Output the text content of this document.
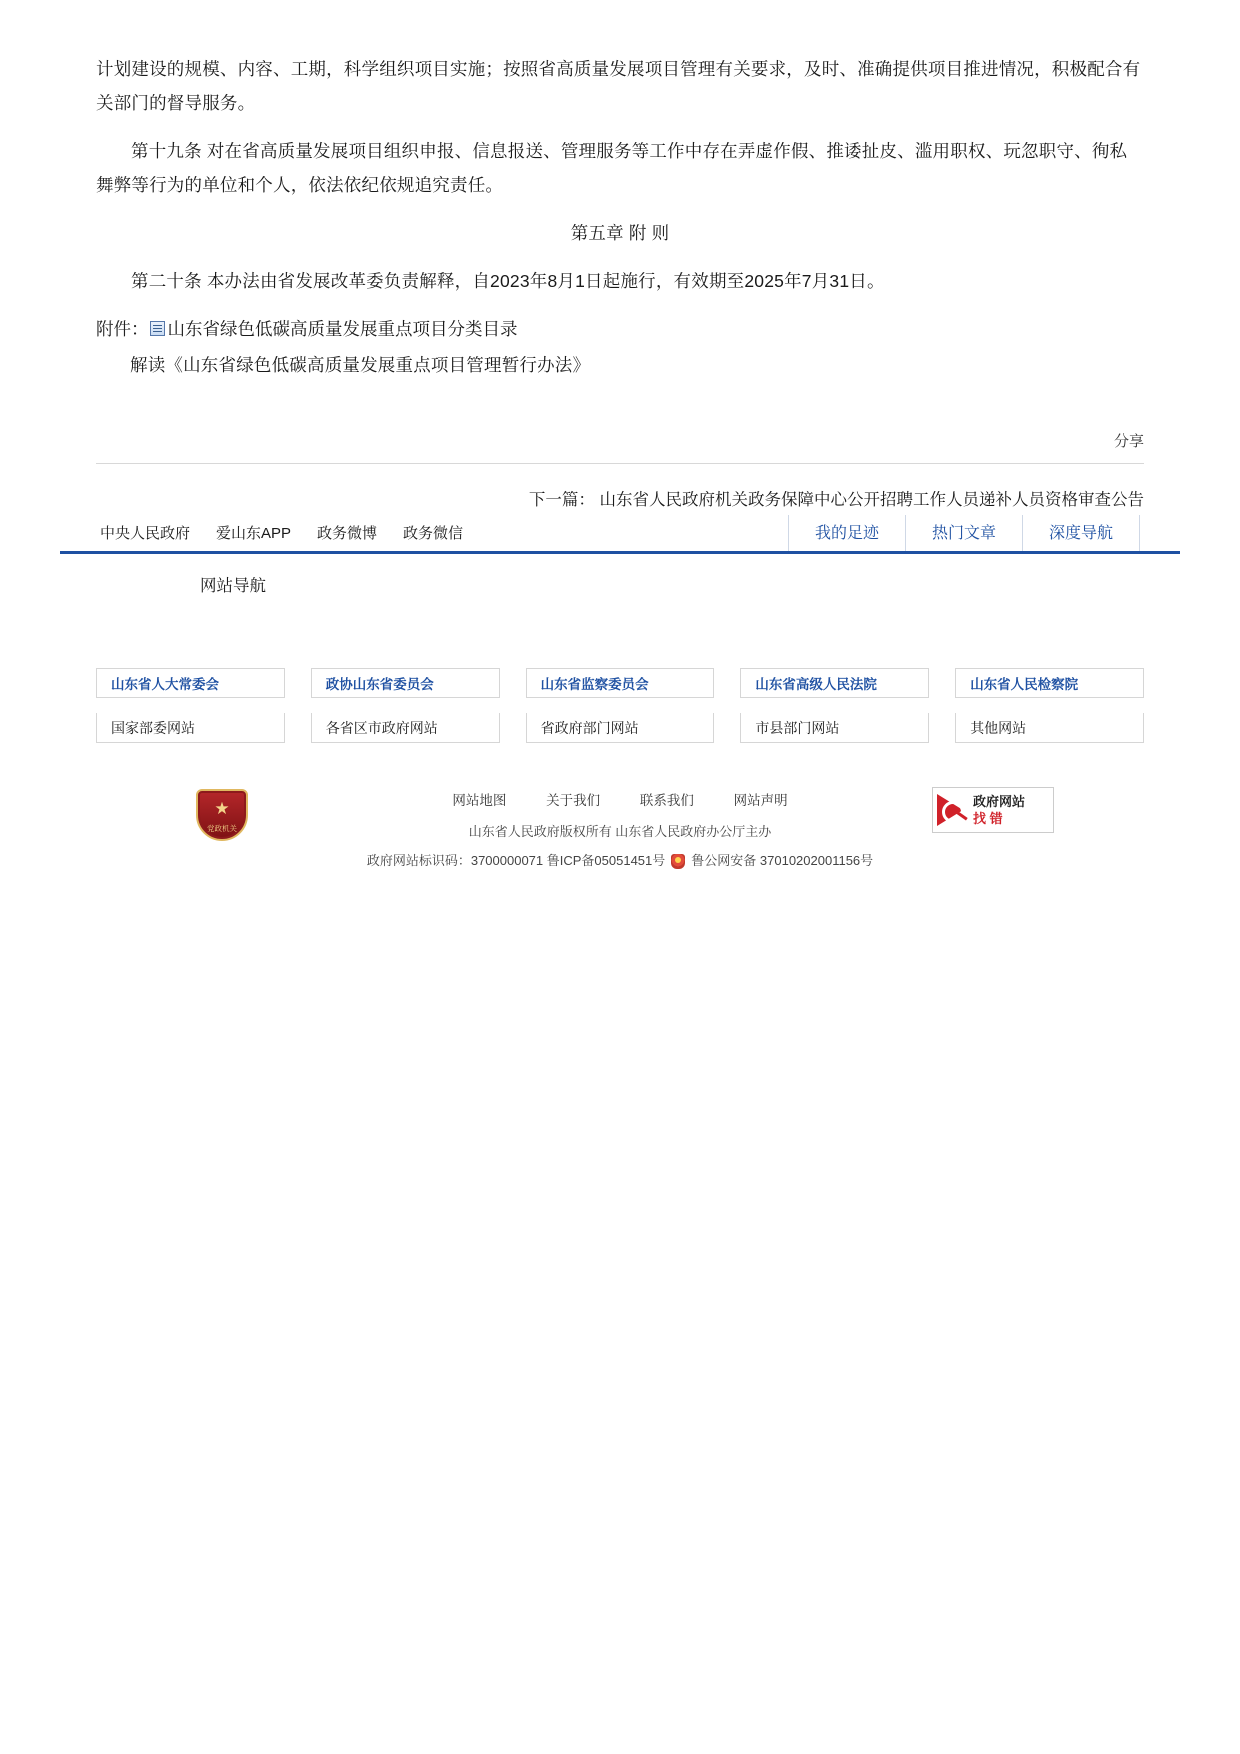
计划建设的规模、内容、工期，科学组织项目实施；按照省高质量发展项目管理有关要求，及时、准确提供项目推进情况，积极配合有关部门的督导服务。

第十九条 对在省高质量发展项目组织申报、信息报送、管理服务等工作中存在弄虚作假、推诿扯皮、滥用职权、玩忽职守、徇私舞弊等行为的单位和个人，依法依纪依规追究责任。

第五章 附 则

第二十条 本办法由省发展改革委负责解释，自2023年8月1日起施行，有效期至2025年7月31日。

附件： 山东省绿色低碳高质量发展重点项目分类目录

解读《山东省绿色低碳高质量发展重点项目管理暂行办法》

分享
下一篇： 山东省人民政府机关政务保障中心公开招聘工作人员递补人员资格审查公告
中央人民政府 爱山东APP 政务微博 政务微信	我的足迹	热门文章	深度导航
网站导航
山东省人大常委会	政协山东省委员会	山东省监察委员会	山东省高级人民法院	山东省人民检察院
国家部委网站	各省区市政府网站	省政府部门网站	市县部门网站	其他网站
★
党政机关
网站地图	关于我们	联系我们	网站声明
山东省人民政府版权所有 山东省人民政府办公厅主办
政府网站标识码：3700000071 鲁ICP备05051451号 鲁公网安备 37010202001156号
政府网站
找 错
